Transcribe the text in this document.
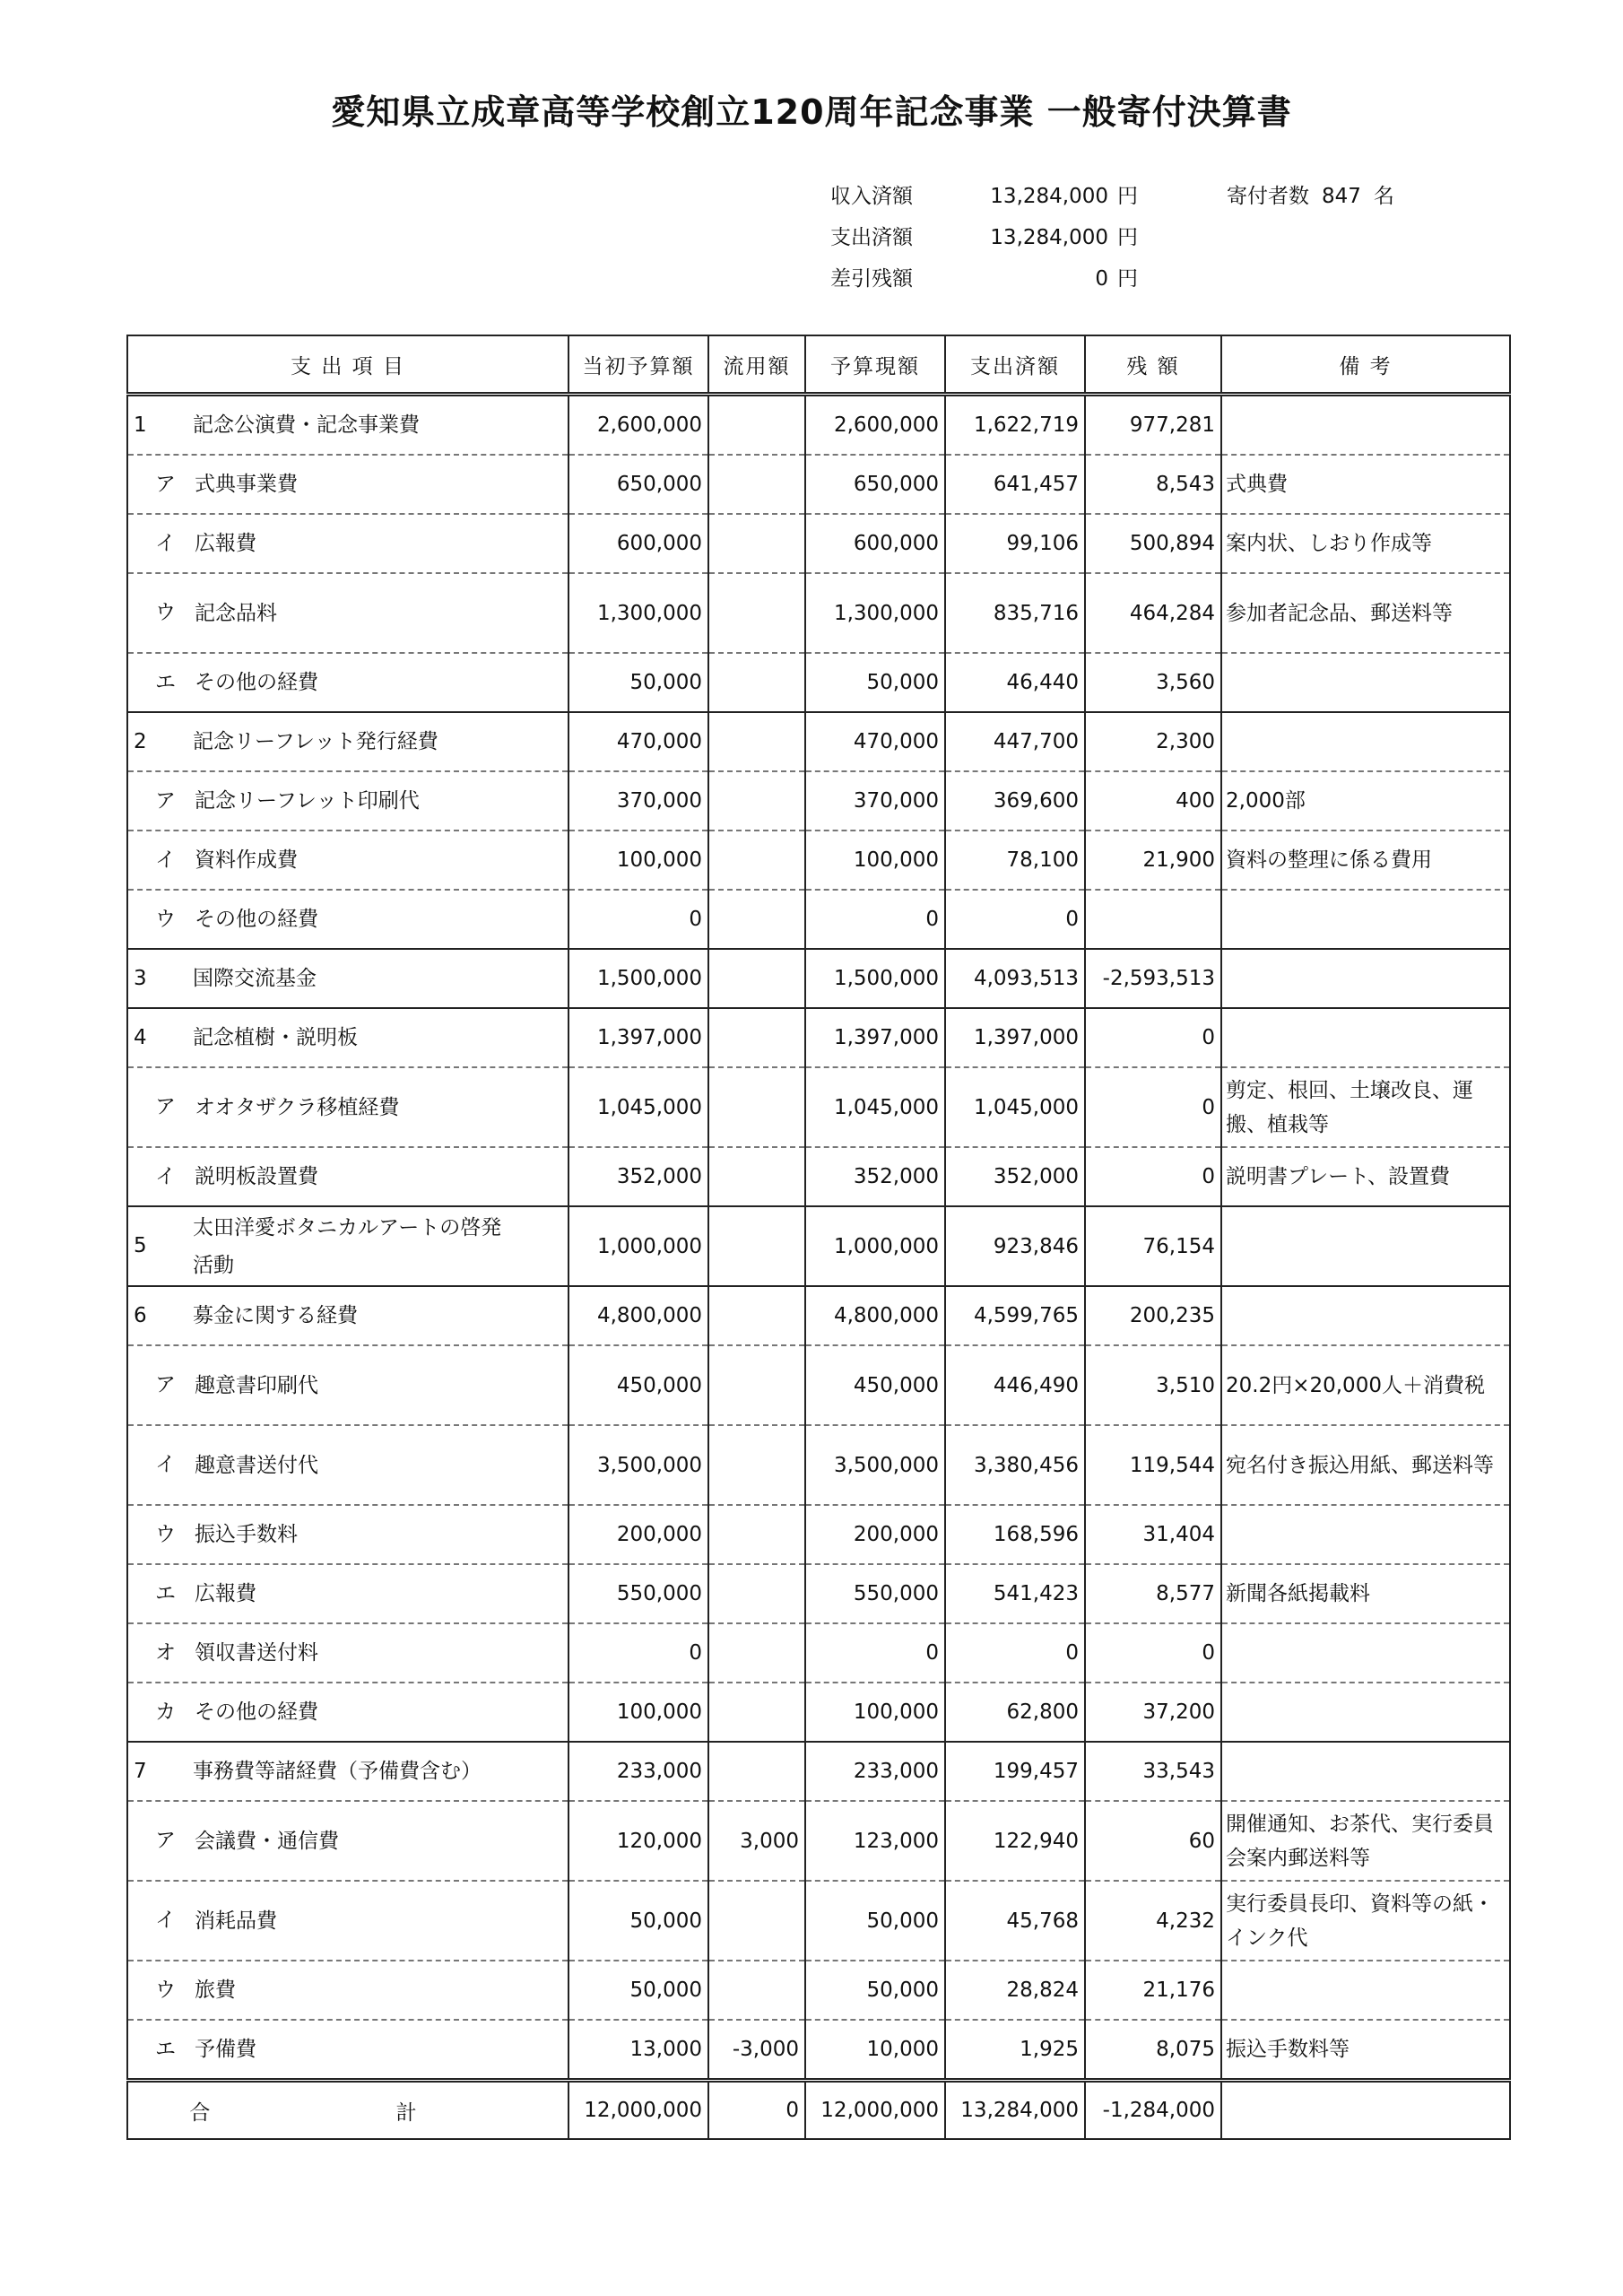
愛知県立成章高等学校創立120周年記念事業 一般寄付決算書
収入済額	13,284,000 円
支出済額	13,284,000 円
差引残額	0 円
寄付者数 847 名
支 出 項 目	当初予算額	流用額	予算現額	支出済額	残 額	備 考
1 記念公演費・記念事業費	2,600,000		2,600,000	1,622,719	977,281	
ア 式典事業費	650,000		650,000	641,457	8,543	式典費
イ 広報費	600,000		600,000	99,106	500,894	案内状、しおり作成等
ウ 記念品料	1,300,000		1,300,000	835,716	464,284	参加者記念品、郵送料等
エ その他の経費	50,000		50,000	46,440	3,560	
2 記念リーフレット発行経費	470,000		470,000	447,700	2,300	
ア 記念リーフレット印刷代	370,000		370,000	369,600	400	2,000部
イ 資料作成費	100,000		100,000	78,100	21,900	資料の整理に係る費用
ウ その他の経費	0		0	0		
3 国際交流基金	1,500,000		1,500,000	4,093,513	-2,593,513	
4 記念植樹・説明板	1,397,000		1,397,000	1,397,000	0	
ア オオタザクラ移植経費	1,045,000		1,045,000	1,045,000	0	剪定、根回、土壌改良、運搬、植栽等
イ 説明板設置費	352,000		352,000	352,000	0	説明書プレート、設置費
5太田洋愛ボタニカルアートの啓発活動	1,000,000		1,000,000	923,846	76,154	
6 募金に関する経費	4,800,000		4,800,000	4,599,765	200,235	
ア 趣意書印刷代	450,000		450,000	446,490	3,510	20.2円×20,000人＋消費税
イ 趣意書送付代	3,500,000		3,500,000	3,380,456	119,544	宛名付き振込用紙、郵送料等
ウ 振込手数料	200,000		200,000	168,596	31,404	
エ 広報費	550,000		550,000	541,423	8,577	新聞各紙掲載料
オ 領収書送付料	0		0	0	0	
カ その他の経費	100,000		100,000	62,800	37,200	
7 事務費等諸経費（予備費含む）	233,000		233,000	199,457	33,543	
ア 会議費・通信費	120,000	3,000	123,000	122,940	60	開催通知、お茶代、実行委員会案内郵送料等
イ 消耗品費	50,000		50,000	45,768	4,232	実行委員長印、資料等の紙・インク代
ウ 旅費	50,000		50,000	28,824	21,176	
エ 予備費	13,000	-3,000	10,000	1,925	8,075	振込手数料等
合 計	12,000,000	0	12,000,000	13,284,000	-1,284,000	
